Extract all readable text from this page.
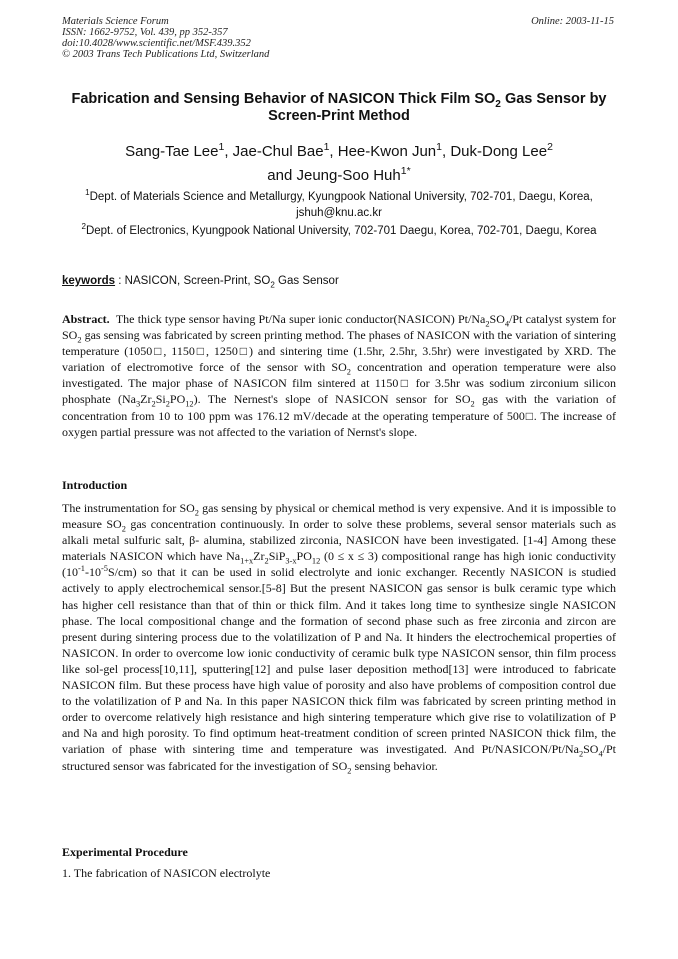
Materials Science Forum
ISSN: 1662-9752, Vol. 439, pp 352-357
doi:10.4028/www.scientific.net/MSF.439.352
© 2003 Trans Tech Publications Ltd, Switzerland
Online: 2003-11-15
Fabrication and Sensing Behavior of NASICON Thick Film $SO_2$ Gas Sensor by Screen-Print Method
Sang-Tae Lee$^1$, Jae-Chul Bae$^1$, Hee-Kwon Jun$^1$, Duk-Dong Lee$^2$
and Jeung-Soo Huh$^{1*}$
$^1$Dept. of Materials Science and Metallurgy, Kyungpook National University, 702-701, Daegu, Korea,
jshuh@knu.ac.kr
$^2$Dept. of Electronics, Kyungpook National University, 702-701 Daegu, Korea, 702-701, Daegu, Korea
keywords : NASICON, Screen-Print, $SO_2$ Gas Sensor
Abstract.  The thick type sensor having Pt/Na super ionic conductor(NASICON) $Pt/Na_2SO_4/Pt$ catalyst system for $SO_2$ gas sensing was fabricated by screen printing method. The phases of NASICON with the variation of sintering temperature (1050□, 1150□, 1250□) and sintering time (1.5hr, 2.5hr, 3.5hr) were investigated by XRD. The variation of electromotive force of the sensor with $SO_2$ concentration and operation temperature were also investigated. The major phase of NASICON film sintered at 1150□ for 3.5hr was sodium zirconium silicon phosphate $(Na_3Zr_2Si_2PO_{12})$. The Nernest's slope of NASICON sensor for $SO_2$ gas with the variation of concentration from 10 to 100 ppm was 176.12 mV/decade at the operating temperature of 500□. The increase of oxygen partial pressure was not affected to the variation of Nernst's slope.
Introduction
The instrumentation for $SO_2$ gas sensing by physical or chemical method is very expensive. And it is impossible to measure $SO_2$ gas concentration continuously. In order to solve these problems, several sensor materials such as alkali metal sulfuric salt, β- alumina, stabilized zirconia, NASICON have been investigated. [1-4] Among these materials NASICON which have $Na_{1+x}Zr_2SiP_{3-x}PO_{12}$ (0 ≤ x ≤ 3) compositional range has high ionic conductivity $(10^{-1}-10^{-5}S/cm)$ so that it can be used in solid electrolyte and ionic exchanger. Recently NASICON is studied actively to apply electrochemical sensor.[5-8] But the present NASICON gas sensor is bulk ceramic type which has higher cell resistance than that of thin or thick film. And it takes long time to synthesize single NASICON phase. The local compositional change and the formation of second phase such as free zirconia and zircon are present during sintering process due to the volatilization of P and Na. It hinders the electrochemical properties of NASICON. In order to overcome low ionic conductivity of ceramic bulk type NASICON sensor, thin film process like sol-gel process[10,11], sputtering[12] and pulse laser deposition method[13] were introduced to fabricate NASICON film. But these process have high value of porosity and also have problems of composition control due to the volatilization of P and Na. In this paper NASICON thick film was fabricated by screen printing method in order to overcome relatively high resistance and high sintering temperature which give rise to volatilization of P and Na and high porosity. To find optimum heat-treatment condition of screen printed NASICON thick film, the variation of phase with sintering time and temperature was investigated. And $Pt/NASICON/Pt/Na_2SO_4/Pt$ structured sensor was fabricated for the investigation of $SO_2$ sensing behavior.
Experimental Procedure
1. The fabrication of NASICON electrolyte
